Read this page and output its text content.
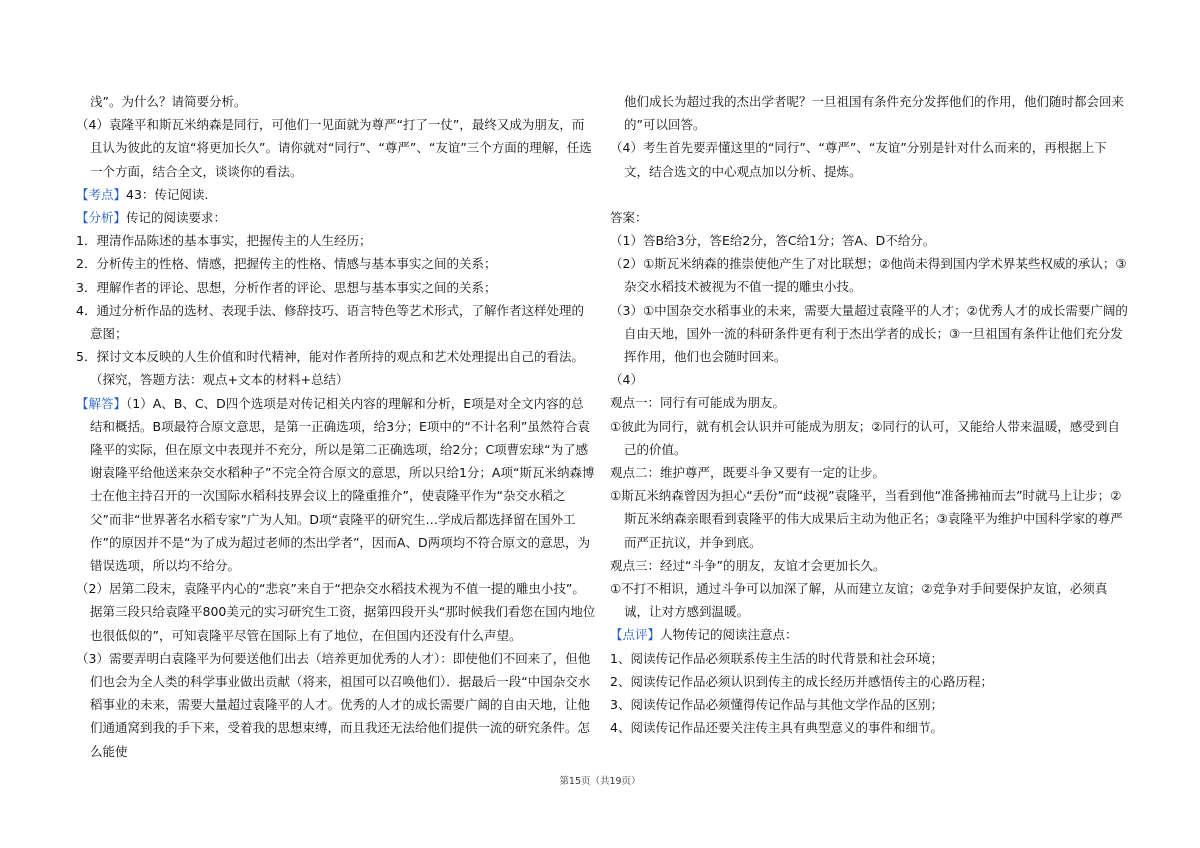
浅”。为什么？请简要分析。

（4）袁隆平和斯瓦米纳森是同行，可他们一见面就为尊严“打了一仗”，最终又成为朋友，而且认为彼此的友谊“将更加长久”。请你就对“同行”、“尊严”、“友谊”三个方面的理解，任选一个方面，结合全文，谈谈你的看法。

【考点】43：传记阅读.

【分析】传记的阅读要求：

1．理清作品陈述的基本事实，把握传主的人生经历；

2．分析传主的性格、情感，把握传主的性格、情感与基本事实之间的关系；

3．理解作者的评论、思想，分析作者的评论、思想与基本事实之间的关系；

4．通过分析作品的选材、表现手法、修辞技巧、语言特色等艺术形式，了解作者这样处理的意图；

5．探讨文本反映的人生价值和时代精神，能对作者所持的观点和艺术处理提出自己的看法。（探究，答题方法：观点+文本的材料+总结）

【解答】（1）A、B、C、D四个选项是对传记相关内容的理解和分析，E项是对全文内容的总结和概括。B项最符合原文意思，是第一正确选项，给3分；E项中的“不计名利”虽然符合袁隆平的实际，但在原文中表现并不充分，所以是第二正确选项，给2分；C项曹宏球“为了感谢袁隆平给他送来杂交水稻种子”不完全符合原文的意思，所以只给1分；A项“斯瓦米纳森博士在他主持召开的一次国际水稻科技界会议上的隆重推介”，使袁隆平作为“杂交水稻之父”而非“世界著名水稻专家”广为人知。D项“袁隆平的研究生…学成后都选择留在国外工作”的原因并不是“为了成为超过老师的杰出学者”，因而A、D两项均不符合原文的意思，为错误选项，所以均不给分。

（2）居第二段末，袁隆平内心的“悲哀”来自于“把杂交水稻技术视为不值一提的雕虫小技”。据第三段只给袁隆平800美元的实习研究生工资，据第四段开头“那时候我们看您在国内地位也很低似的”，可知袁隆平尽管在国际上有了地位，在但国内还没有什么声望。

（3）需要弄明白袁隆平为何要送他们出去（培养更加优秀的人才）：即使他们不回来了，但他们也会为全人类的科学事业做出贡献（将来，祖国可以召唤他们）．据最后一段“中国杂交水稻事业的未来，需要大量超过袁隆平的人才。优秀的人才的成长需要广阔的自由天地，让他们通通窝到我的手下来，受着我的思想束缚，而且我还无法给他们提供一流的研究条件。怎么能使

他们成长为超过我的杰出学者呢？一旦祖国有条件充分发挥他们的作用，他们随时都会回来的”可以回答。

（4）考生首先要弄懂这里的“同行”、“尊严”、“友谊”分别是针对什么而来的，再根据上下文，结合选文的中心观点加以分析、提炼。

答案：

（1）答B给3分，答E给2分，答C给1分；答A、D不给分。

（2）①斯瓦米纳森的推崇使他产生了对比联想；②他尚未得到国内学术界某些权威的承认；③杂交水稻技术被视为不值一提的雕虫小技。

（3）①中国杂交水稻事业的未来，需要大量超过袁隆平的人才；②优秀人才的成长需要广阔的自由天地，国外一流的科研条件更有利于杰出学者的成长；③一旦祖国有条件让他们充分发挥作用，他们也会随时回来。

（4）

观点一：同行有可能成为朋友。

①彼此为同行，就有机会认识并可能成为朋友；②同行的认可，又能给人带来温暖，感受到自己的价值。

观点二：维护尊严，既要斗争又要有一定的让步。

①斯瓦米纳森曾因为担心“丢份”而“歧视”袁隆平，当看到他“准备拂袖而去”时就马上让步；②斯瓦米纳森亲眼看到袁隆平的伟大成果后主动为他正名；③袁隆平为维护中国科学家的尊严而严正抗议，并争到底。

观点三：经过“斗争”的朋友，友谊才会更加长久。

①不打不相识，通过斗争可以加深了解，从而建立友谊；②竞争对手间要保护友谊，必须真诚，让对方感到温暖。

【点评】人物传记的阅读注意点：

1、阅读传记作品必须联系传主生活的时代背景和社会环境；

2、阅读传记作品必须认识到传主的成长经历并感悟传主的心路历程；

3、阅读传记作品必须懂得传记作品与其他文学作品的区别；

4、阅读传记作品还要关注传主具有典型意义的事件和细节。

第15页（共19页）
